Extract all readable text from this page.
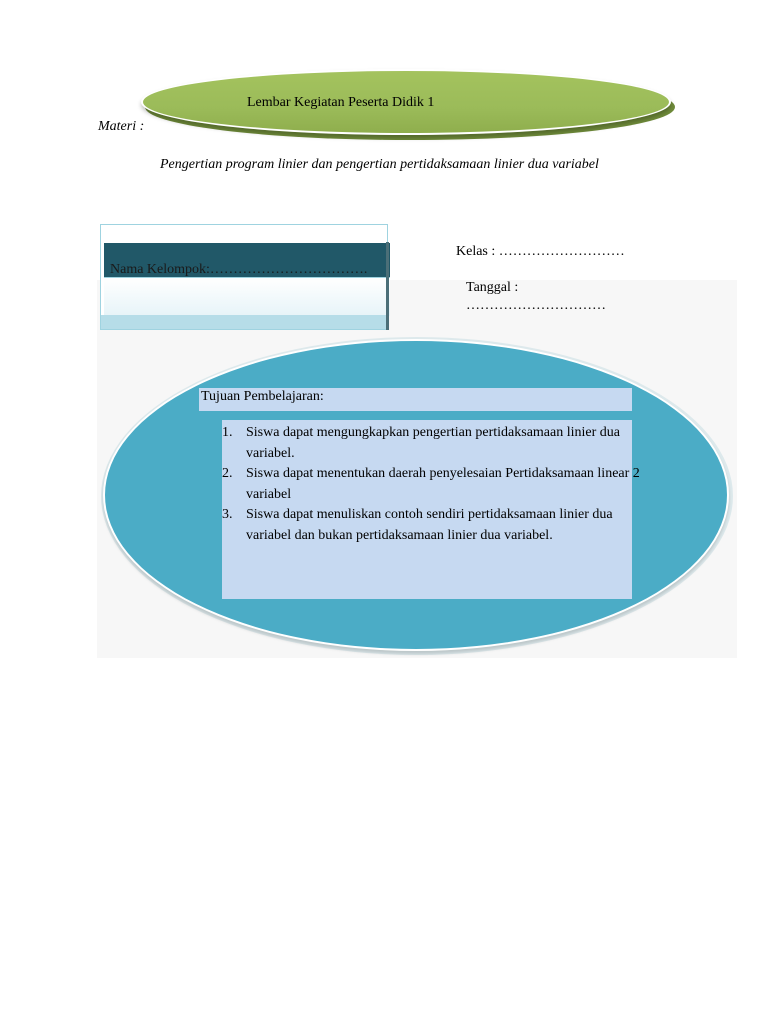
Lembar Kegiatan Peserta Didik 1
Materi :
Pengertian program linier dan pengertian pertidaksamaan linier dua variabel
Nama Kelompok:…………………………….
Kelas : ………………………
Tanggal :
…………………………
Tujuan Pembelajaran:
1. Siswa dapat mengungkapkan pengertian pertidaksamaan linier dua
variabel.
2. Siswa dapat menentukan daerah penyelesaian Pertidaksamaan linear 2
variabel
3. Siswa dapat menuliskan contoh sendiri pertidaksamaan linier dua
variabel dan bukan pertidaksamaan linier dua variabel.
